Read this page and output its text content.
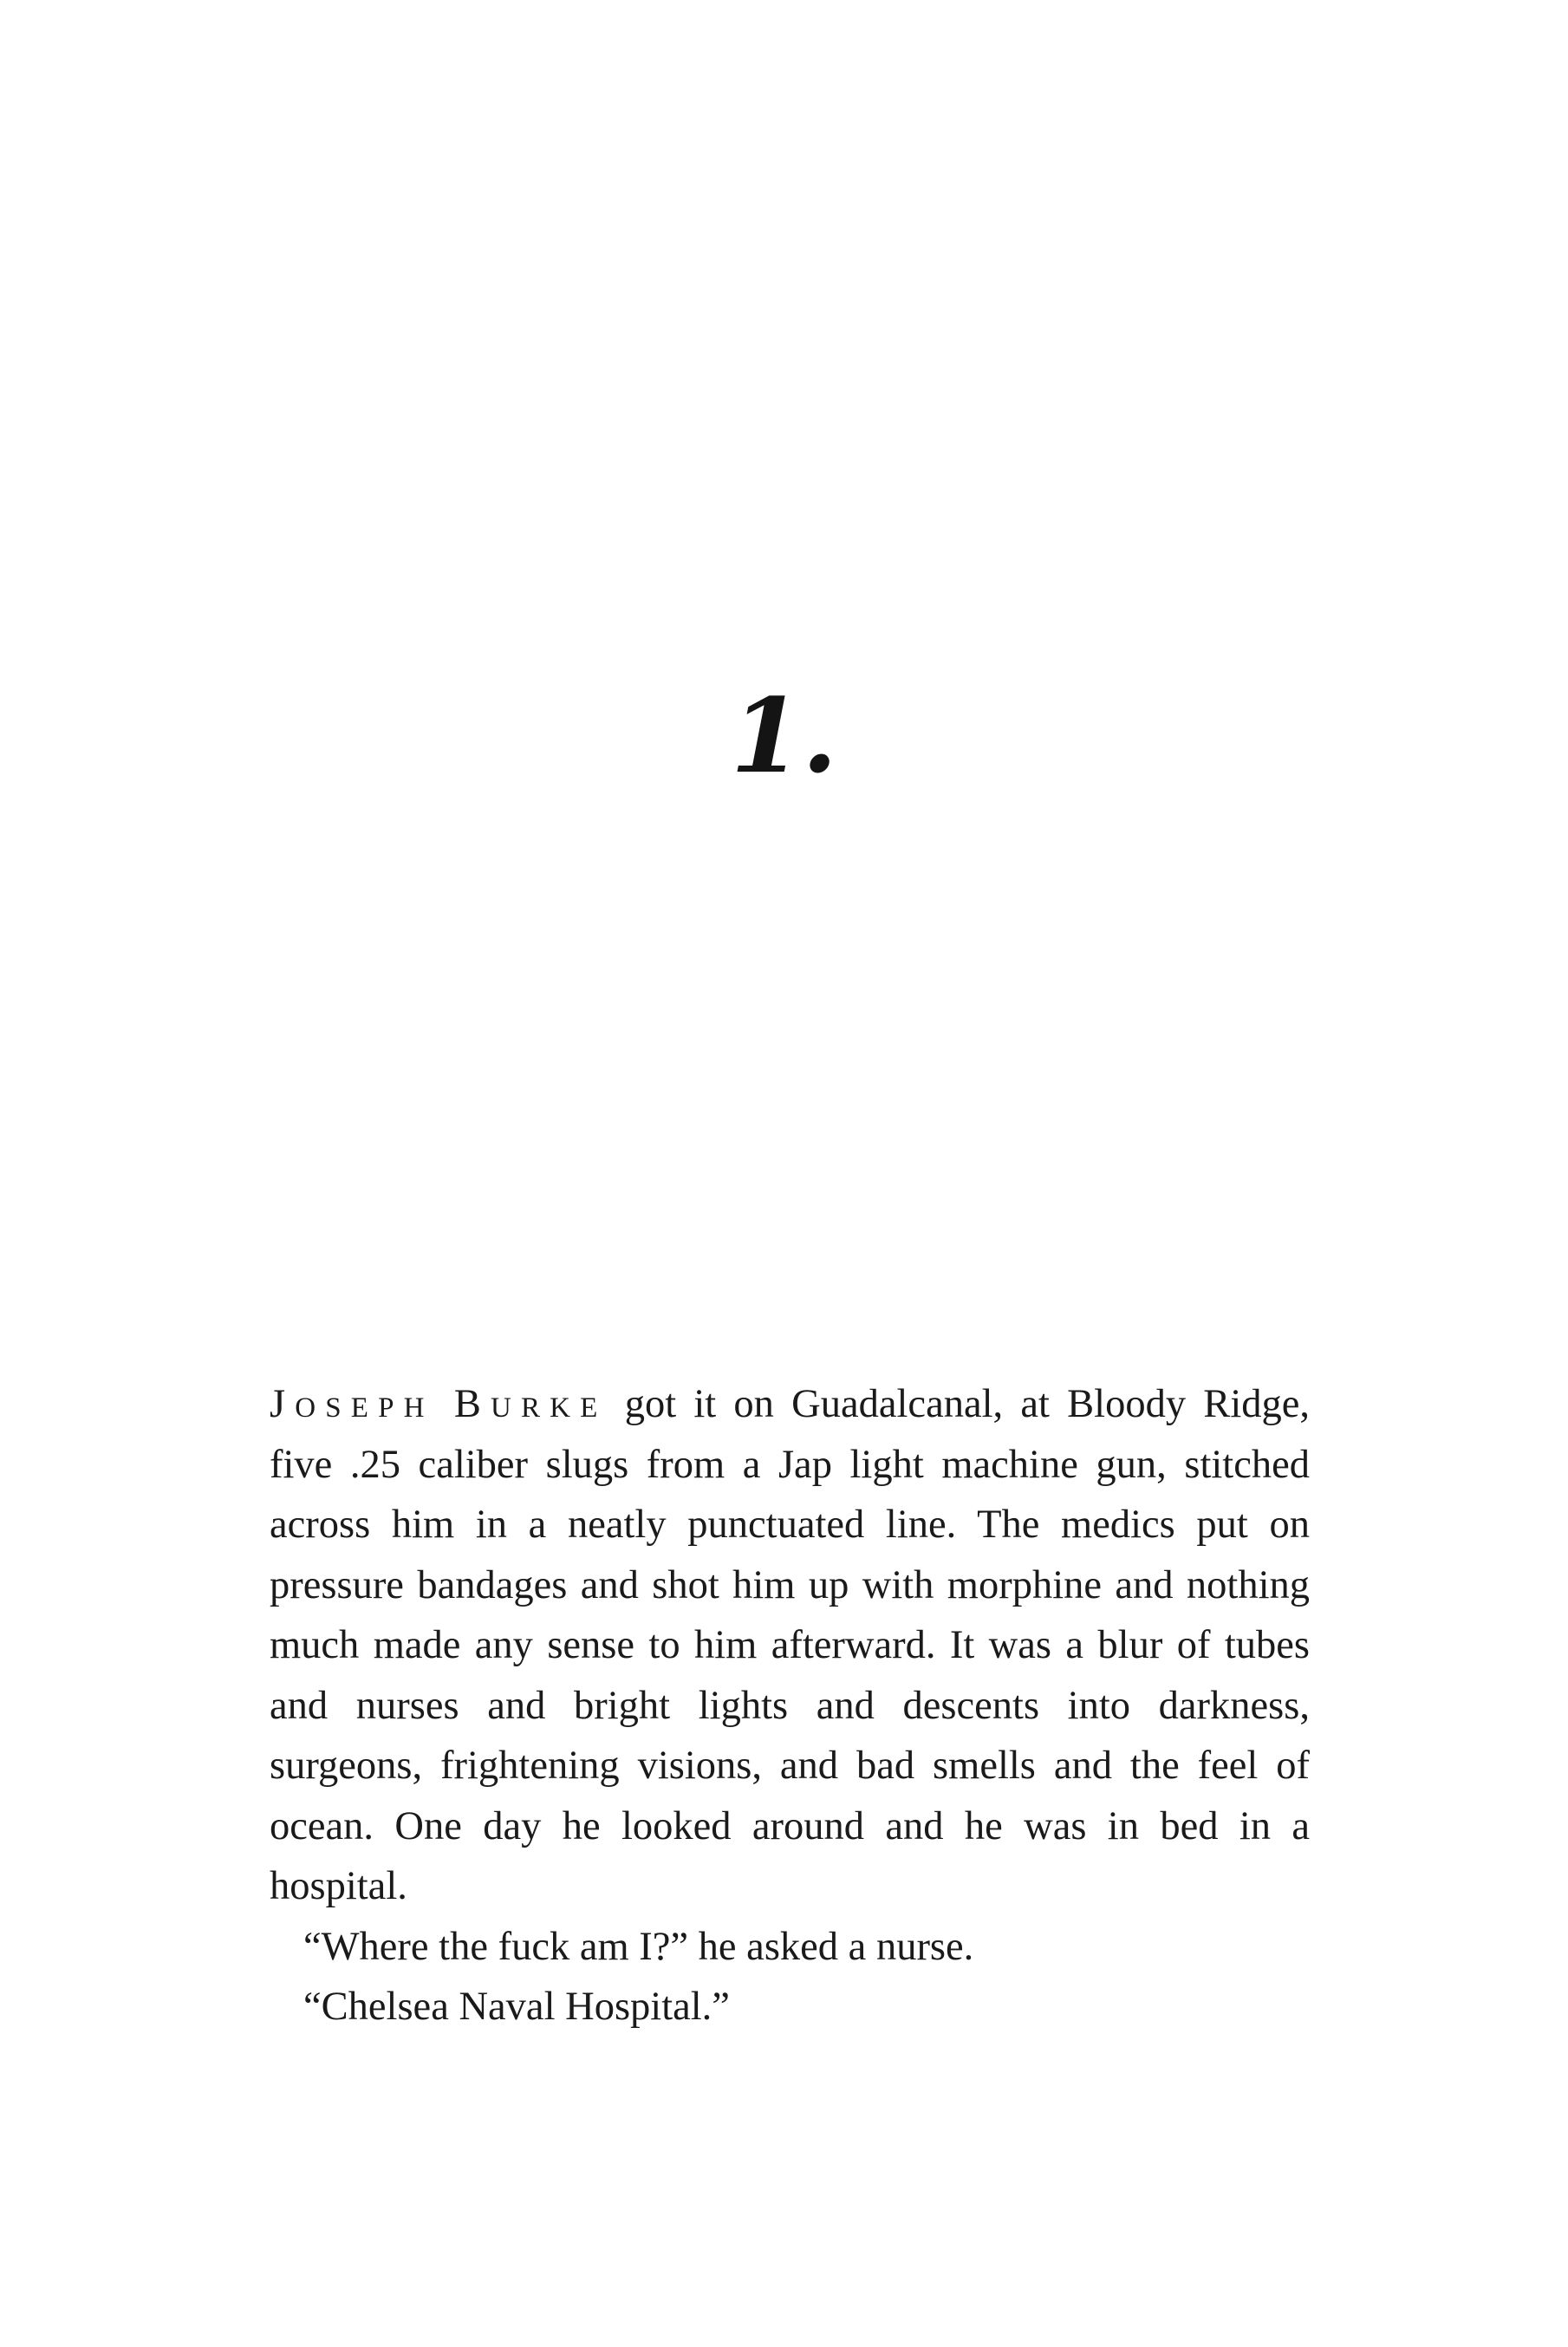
1.

Joseph  Burke got it on Guadalcanal, at Bloody Ridge, five .25 caliber slugs from a Jap light machine gun, stitched across him in a neatly punctuated line. The medics put on pressure bandages and shot him up with morphine and nothing much made any sense to him afterward. It was a blur of tubes and nurses and bright lights and descents into darkness, surgeons, frightening visions, and bad smells and the feel of ocean. One day he looked around and he was in bed in a hospital.

“Where the fuck am I?” he asked a nurse.

“Chelsea Naval Hospital.”
